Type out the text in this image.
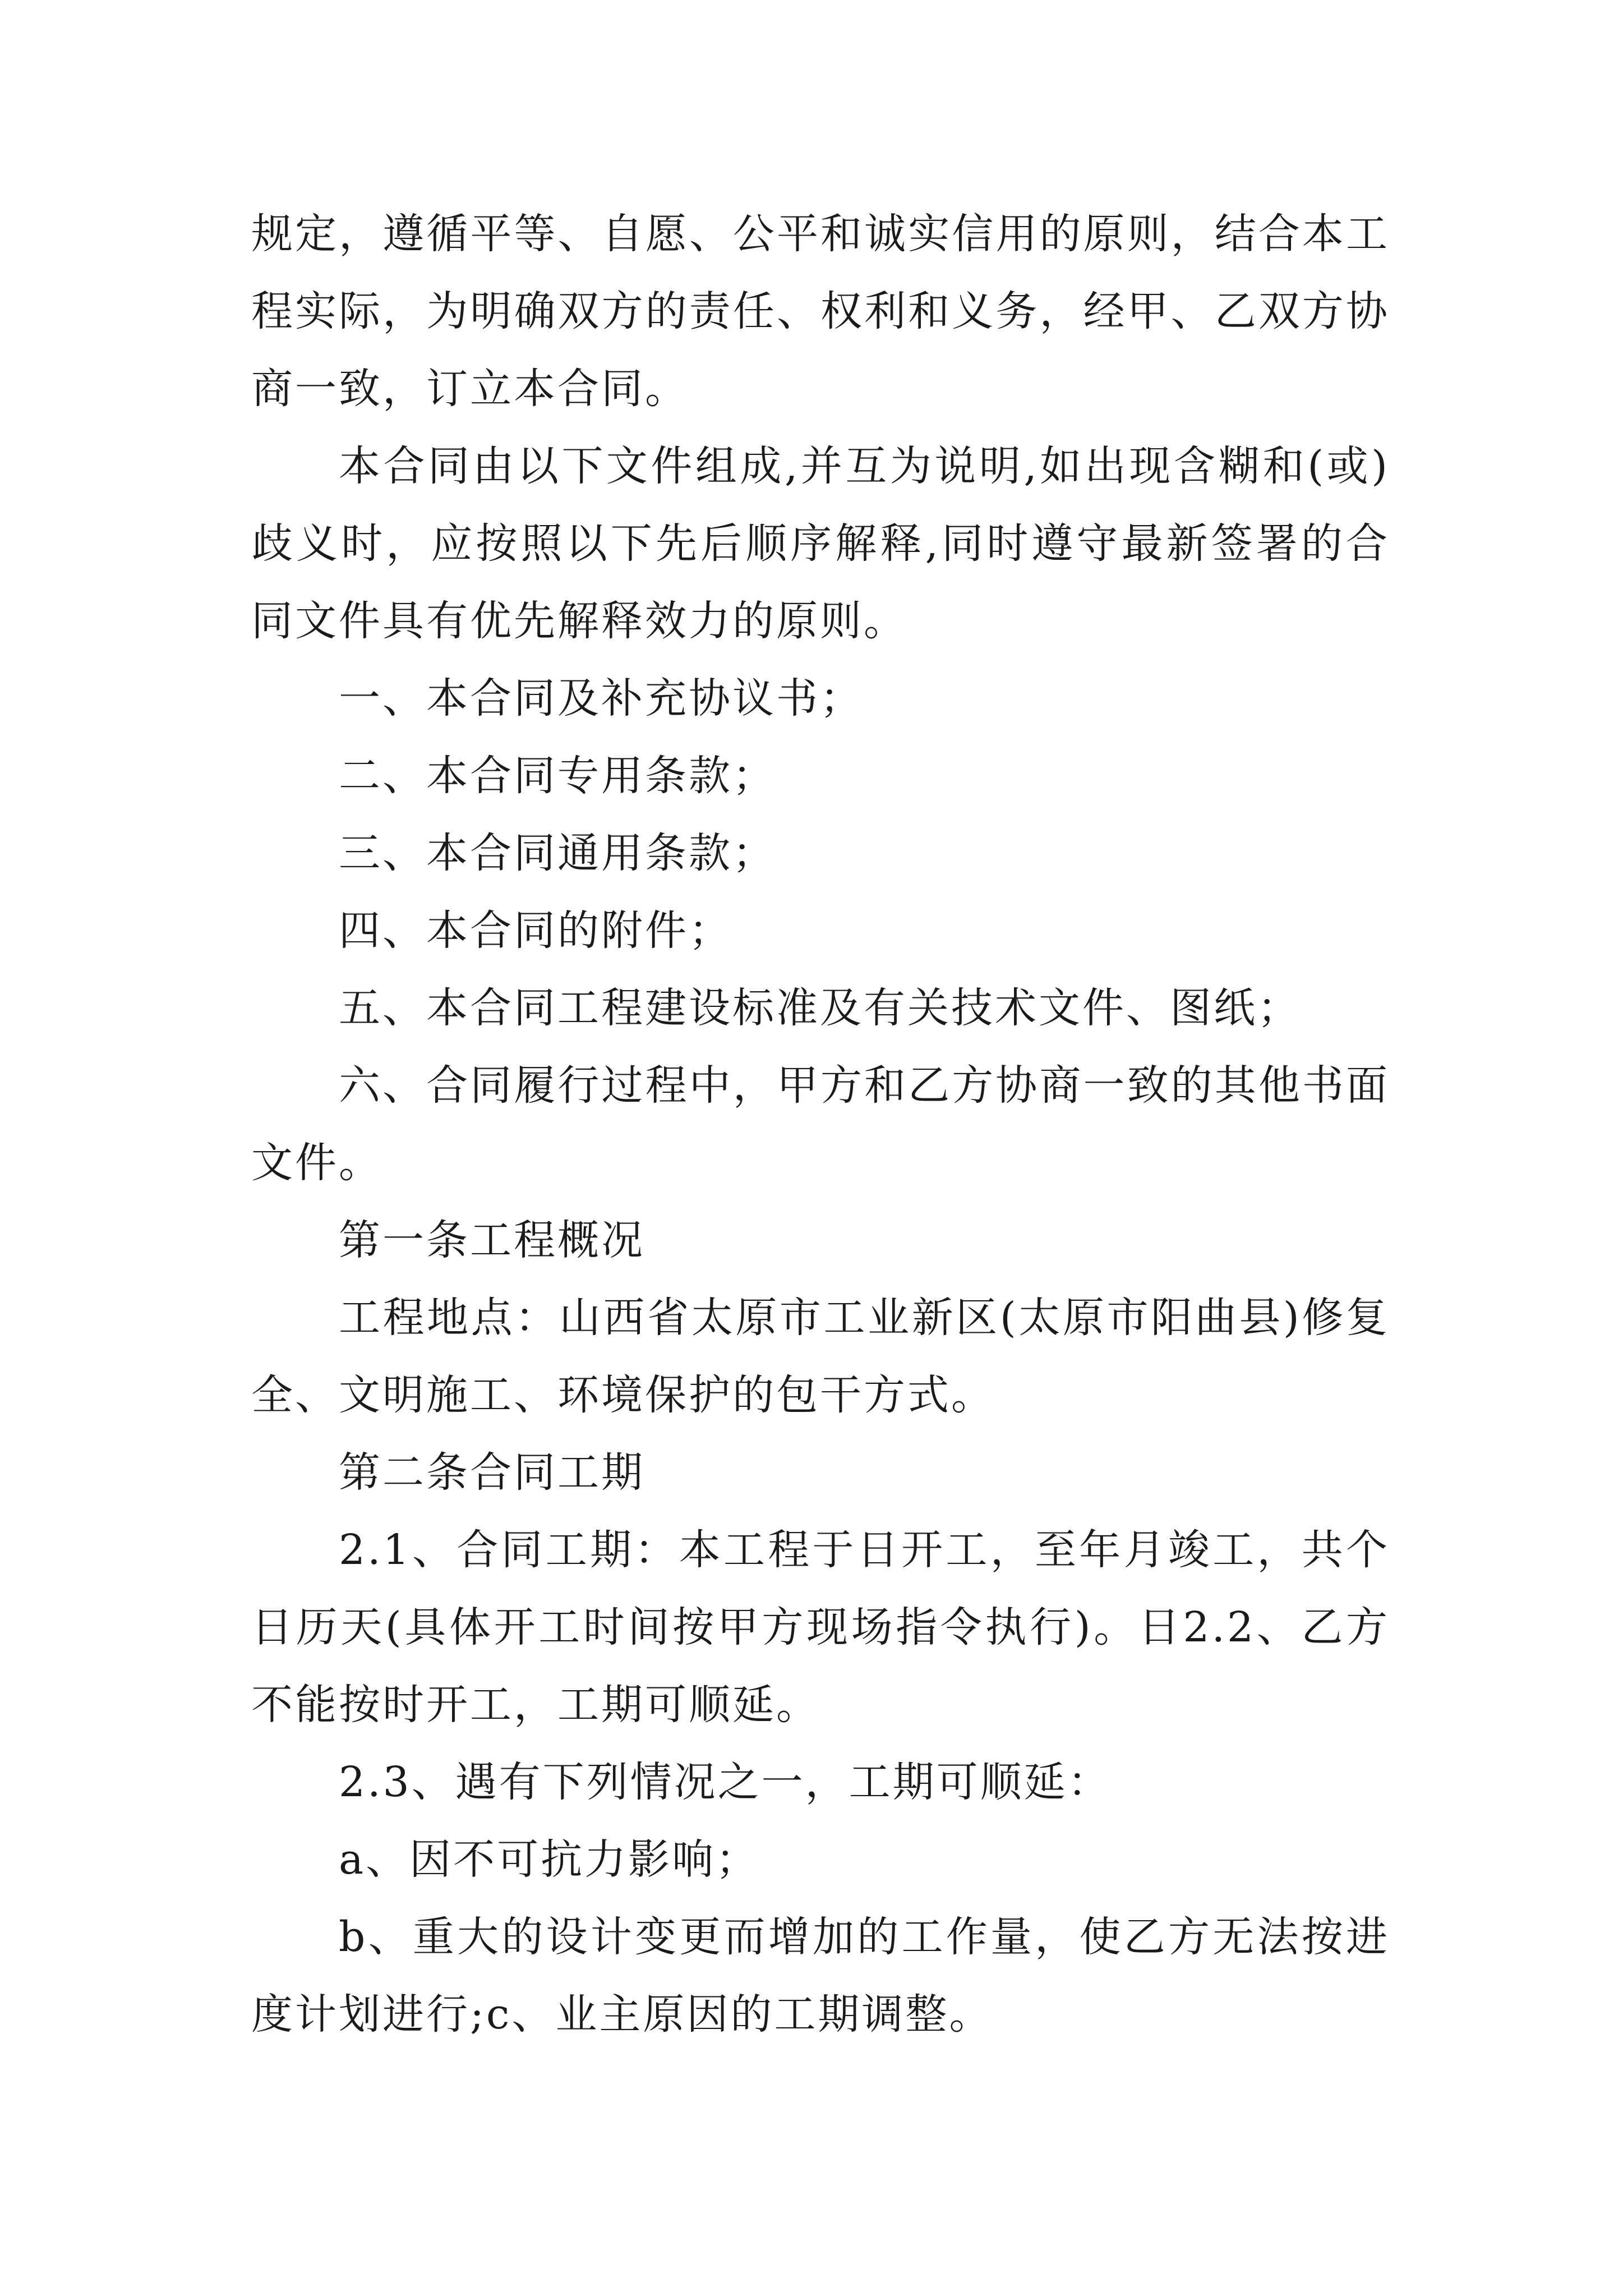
规定，遵循平等、自愿、公平和诚实信用的原则，结合本工程实际，为明确双方的责任、权利和义务，经甲、乙双方协商一致，订立本合同。

本合同由以下文件组成,并互为说明,如出现含糊和(或)歧义时，应按照以下先后顺序解释,同时遵守最新签署的合同文件具有优先解释效力的原则。

一、本合同及补充协议书；

二、本合同专用条款；

三、本合同通用条款；

四、本合同的附件；

五、本合同工程建设标准及有关技术文件、图纸；

六、合同履行过程中，甲方和乙方协商一致的其他书面文件。

第一条工程概况

工程地点：山西省太原市工业新区(太原市阳曲县)修复全、文明施工、环境保护的包干方式。

第二条合同工期

2.1、合同工期：本工程于日开工，至年月竣工，共个日历天(具体开工时间按甲方现场指令执行)。日2.2、乙方不能按时开工，工期可顺延。

2.3、遇有下列情况之一，工期可顺延：

a、因不可抗力影响；

b、重大的设计变更而增加的工作量，使乙方无法按进度计划进行;c、业主原因的工期调整。
